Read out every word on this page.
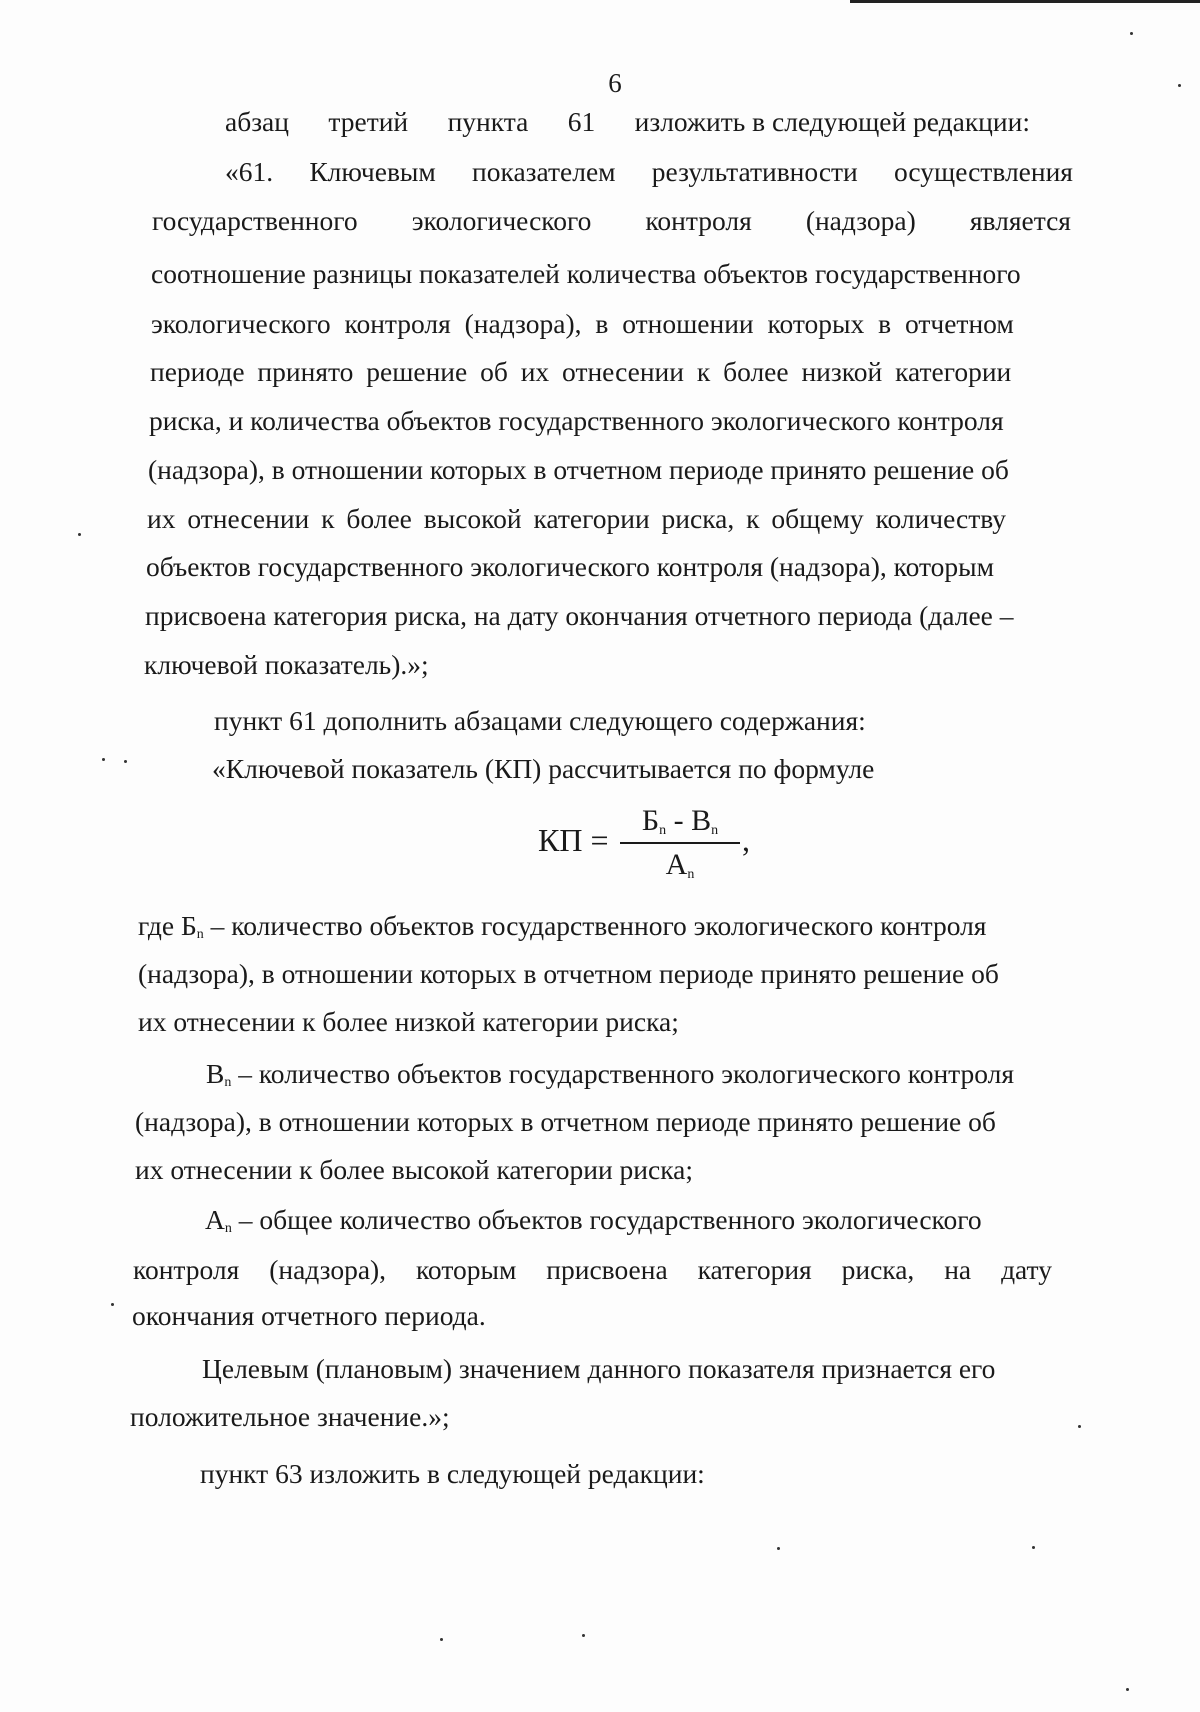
6
абзац третий пункта 61 изложить в следующей редакции:
«61. Ключевым показателем результативности осуществления
государственного экологического контроля (надзора) является
соотношение разницы показателей количества объектов государственного
экологического контроля (надзора), в отношении которых в отчетном
периоде принято решение об их отнесении к более низкой категории
риска, и количества объектов государственного экологического контроля
(надзора), в отношении которых в отчетном периоде принято решение об
их отнесении к более высокой категории риска, к общему количеству
объектов государственного экологического контроля (надзора), которым
присвоена категория риска, на дату окончания отчетного периода (далее –
ключевой показатель).»;
пункт 61 дополнить абзацами следующего содержания:
«Ключевой показатель (КП) рассчитывается по формуле
КП =
$Б_n - В_n$
$А_n$
,
где $Б_n$ – количество объектов государственного экологического контроля
(надзора), в отношении которых в отчетном периоде принято решение об
их отнесении к более низкой категории риска;
$В_n$ – количество объектов государственного экологического контроля
(надзора), в отношении которых в отчетном периоде принято решение об
их отнесении к более высокой категории риска;
$А_n$ – общее количество объектов государственного экологического
контроля (надзора), которым присвоена категория риска, на дату
окончания отчетного периода.
Целевым (плановым) значением данного показателя признается его
положительное значение.»;
пункт 63 изложить в следующей редакции:
